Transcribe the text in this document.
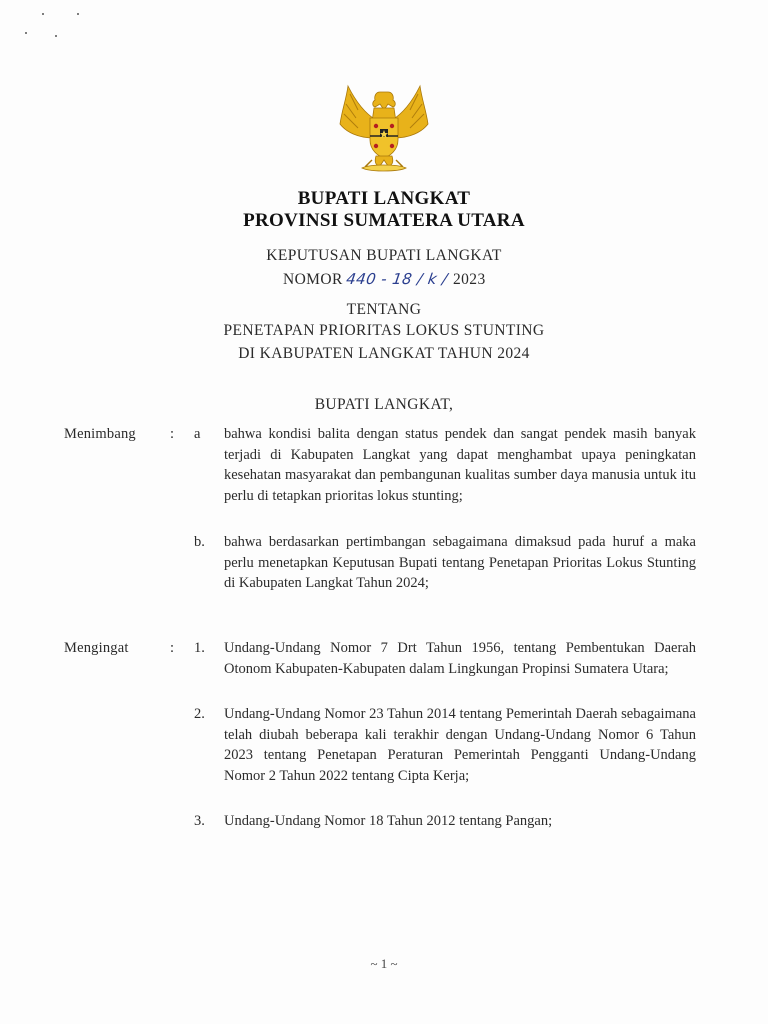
BUPATI LANGKAT
PROVINSI SUMATERA UTARA
KEPUTUSAN BUPATI LANGKAT
NOMOR 440 - 18 / k / 2023
TENTANG
PENETAPAN PRIORITAS LOKUS STUNTING
DI KABUPATEN LANGKAT TAHUN 2024
BUPATI LANGKAT,
Menimbang : a bahwa kondisi balita dengan status pendek dan sangat pendek masih banyak terjadi di Kabupaten Langkat yang dapat menghambat upaya peningkatan kesehatan masyarakat dan pembangunan kualitas sumber daya manusia untuk itu perlu di tetapkan prioritas lokus stunting;
b. bahwa berdasarkan pertimbangan sebagaimana dimaksud pada huruf a maka perlu menetapkan Keputusan Bupati tentang Penetapan Prioritas Lokus Stunting di Kabupaten Langkat Tahun 2024;
Mengingat	: 1. Undang-Undang Nomor 7 Drt Tahun 1956, tentang Pembentukan Daerah Otonom Kabupaten-Kabupaten dalam Lingkungan Propinsi Sumatera Utara;
2. Undang-Undang Nomor 23 Tahun 2014 tentang Pemerintah Daerah sebagaimana telah diubah beberapa kali terakhir dengan Undang-Undang Nomor 6 Tahun 2023 tentang Penetapan Peraturan Pemerintah Pengganti Undang-Undang Nomor 2 Tahun 2022 tentang Cipta Kerja;
3. Undang-Undang Nomor 18 Tahun 2012 tentang Pangan;
~ 1 ~
